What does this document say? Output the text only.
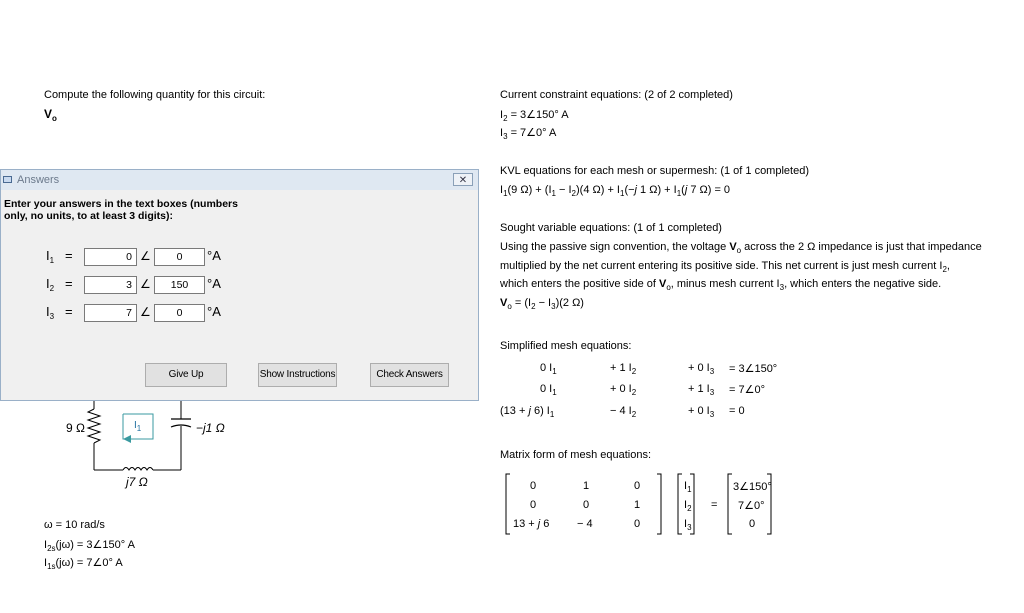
Compute the following quantity for this circuit:
$V_o$
9 Ω	−j1 Ω
j7 Ω
$I_1$
ω = 10 rad/s
$I_{2s}(j\omega)$ = 3∠150° A
$I_{1s}(j\omega)$ = 7∠0° A
Answers	✕
Enter your answers in the text boxes (numbers
only, no units, to at least 3 digits):
$I_1$ =	0 ∠	0	°A
$I_2$ =	3 ∠	150	°A
$I_3$ =	7 ∠	0	°A
Give Up	Show Instructions	Check Answers
Current constraint equations: (2 of 2 completed)
$I_2$ = 3∠150° A
$I_3$ = 7∠0° A
KVL equations for each mesh or supermesh: (1 of 1 completed)
$I_1(9$ $\Omega) + (I_1 - I_2)(4$ $\Omega) + I_1(-j$ 1 $\Omega) + I_1(j$ 7 Ω) = 0
Sought variable equations: (1 of 1 completed)
Using the passive sign convention, the voltage $V_o$ across the 2 Ω impedance is just that impedance
multiplied by the net current entering its positive side. This net current is just mesh current $I_2$,
which enters the positive side of $V_o$, minus mesh current $I_3$, which enters the negative side.
$V_o = (I_2 - I_3)(2$ Ω)
Simplified mesh equations:
0 $I_1$	+ 1 $I_2$	+ 0 $I_3$ = 3∠150°
0 $I_1$	+ 0 $I_2$	+ 1 $I_3$ = 7∠0°
(13 + j 6) $I_1$	− 4 $I_2$	+ 0 $I_3 = 0$
Matrix form of mesh equations:
0	1	0
0	0	1
13 + j 6	− 4	0
$I_1$
$I_2$
$I_3$
=
3∠150°
7∠0°
0
